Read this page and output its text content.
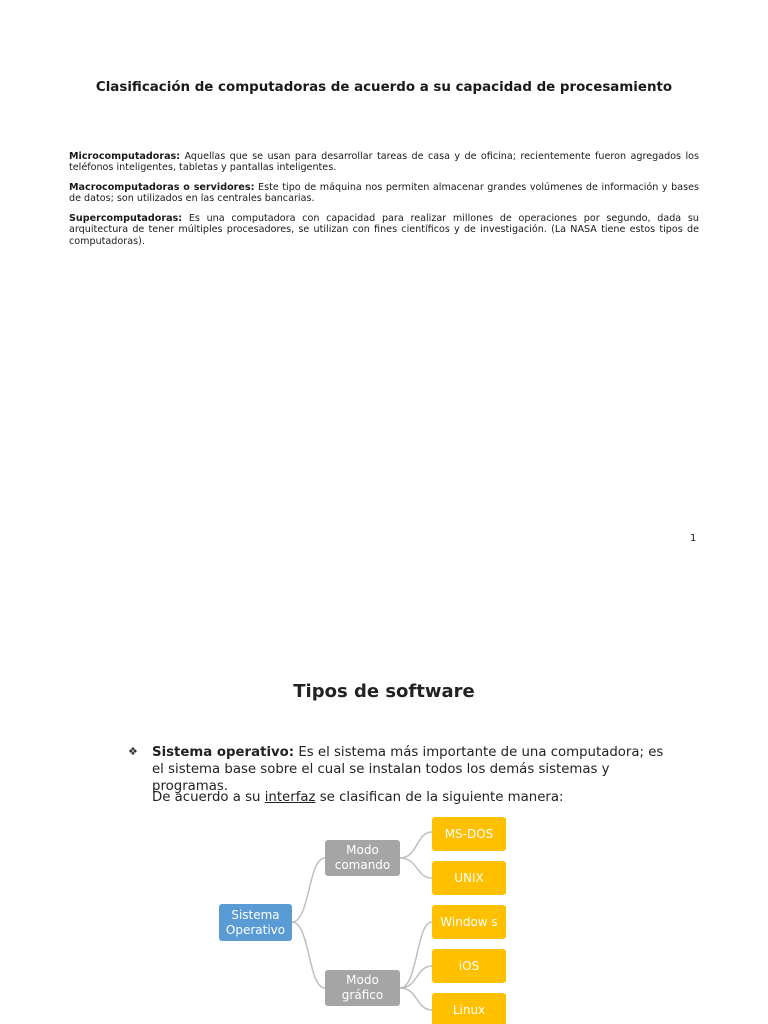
Clasificación de computadoras de acuerdo a su capacidad de procesamiento
Microcomputadoras: Aquellas que se usan para desarrollar tareas de casa y de oficina; recientemente fueron agregados los teléfonos inteligentes, tabletas y pantallas inteligentes.
Macrocomputadoras o servidores: Este tipo de máquina nos permiten almacenar grandes volúmenes de información y bases de datos; son utilizados en las centrales bancarias.
Supercomputadoras: Es una computadora con capacidad para realizar millones de operaciones por segundo, dada su arquitectura de tener múltiples procesadores, se utilizan con fines científicos y de investigación. (La NASA tiene estos tipos de computadoras).
1
Tipos de software
❖ Sistema operativo: Es el sistema más importante de una computadora; es el sistema base sobre el cual se instalan todos los demás sistemas y programas.
De acuerdo a su interfaz se clasifican de la siguiente manera:
Sistema
Operativo
Modo
comando
Modo
gráfico
MS-DOS
UNIX
Window s
iOS
Linux
